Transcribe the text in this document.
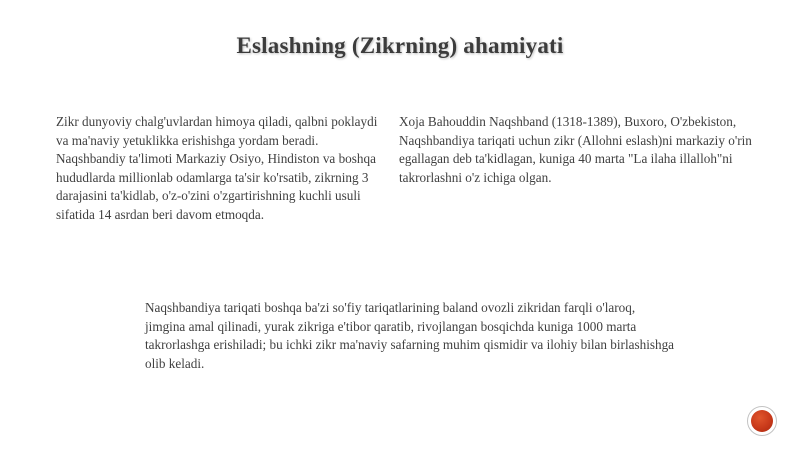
Eslashning (Zikrning) ahamiyati
Zikr dunyoviy chalg'uvlardan himoya qiladi, qalbni poklaydi va ma'naviy yetuklikka erishishga yordam beradi. Naqshbandiy ta'limoti Markaziy Osiyo, Hindiston va boshqa hududlarda millionlab odamlarga ta'sir ko'rsatib, zikrning 3 darajasini ta'kidlab, o'z-o'zini o'zgartirishning kuchli usuli sifatida 14 asrdan beri davom etmoqda.
Xoja Bahouddin Naqshband (1318-1389), Buxoro, O'zbekiston, Naqshbandiya tariqati uchun zikr (Allohni eslash)ni markaziy o'rin egallagan deb ta'kidlagan, kuniga 40 marta "La ilaha illalloh"ni takrorlashni o'z ichiga olgan.
Naqshbandiya tariqati boshqa ba'zi so'fiy tariqatlarining baland ovozli zikridan farqli o'laroq, jimgina amal qilinadi, yurak zikriga e'tibor qaratib, rivojlangan bosqichda kuniga 1000 marta takrorlashga erishiladi; bu ichki zikr ma'naviy safarning muhim qismidir va ilohiy bilan birlashishga olib keladi.
